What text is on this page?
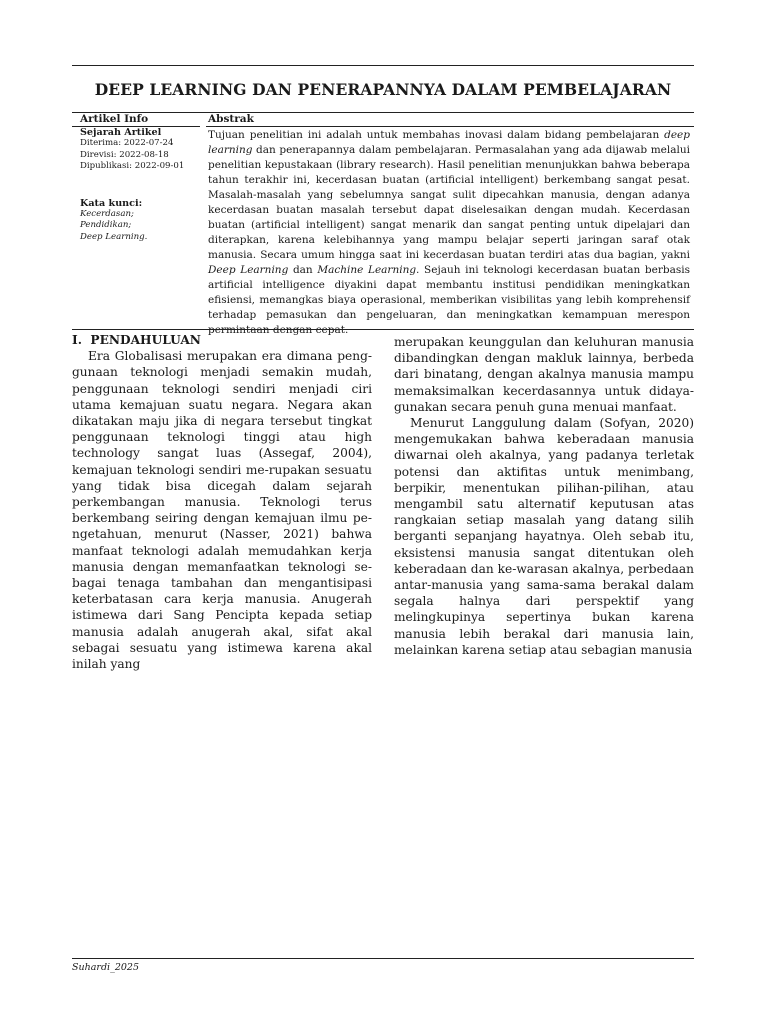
DEEP LEARNING DAN PENERAPANNYA DALAM PEMBELAJARAN
Artikel Info	Abstrak
Sejarah Artikel
Diterima: 2022-07-24
Direvisi: 2022-08-18
Dipublikasi: 2022-09-01
Kata kunci:
Kecerdasan;
Pendidikan;
Deep Learning.
Tujuan penelitian ini adalah untuk membahas inovasi dalam bidang pembelajaran deep learning dan penerapannya dalam pembelajaran. Permasalahan yang ada dijawab melalui penelitian kepustakaan (library research). Hasil penelitian menunjukkan bahwa beberapa tahun terakhir ini, kecerdasan buatan (artificial intelligent) berkembang sangat pesat. Masalah-masalah yang sebelumnya sangat sulit dipecahkan manusia, dengan adanya kecerdasan buatan masalah tersebut dapat diselesaikan dengan mudah. Kecerdasan buatan (artificial intelligent) sangat menarik dan sangat penting untuk dipelajari dan diterapkan, karena kelebihannya yang mampu belajar seperti jaringan saraf otak manusia. Secara umum hingga saat ini kecerdasan buatan terdiri atas dua bagian, yakni Deep Learning dan Machine Learning. Sejauh ini teknologi kecerdasan buatan berbasis artificial intelligence diyakini dapat membantu institusi pendidikan meningkatkan efisiensi, memangkas biaya operasional, memberikan visibilitas yang lebih komprehensif terhadap pemasukan dan pengeluaran, dan meningkatkan kemampuan merespon permintaan dengan cepat.
I.  PENDAHULUAN

Era Globalisasi merupakan era dimana peng-gunaan teknologi menjadi semakin mudah, penggunaan teknologi sendiri menjadi ciri utama kemajuan suatu negara. Negara akan dikatakan maju jika di negara tersebut tingkat penggunaan teknologi tinggi atau high technology sangat luas (Assegaf, 2004), kemajuan teknologi sendiri me-rupakan sesuatu yang tidak bisa dicegah dalam sejarah perkembangan manusia. Teknologi terus berkembang seiring dengan kemajuan ilmu pe-ngetahuan, menurut (Nasser, 2021) bahwa manfaat teknologi adalah memudahkan kerja manusia dengan memanfaatkan teknologi se-bagai tenaga tambahan dan mengantisipasi keterbatasan cara kerja manusia. Anugerah istimewa dari Sang Pencipta kepada setiap manusia adalah anugerah akal, sifat akal sebagai sesuatu yang istimewa karena akal inilah yang

merupakan keunggulan dan keluhuran manusia dibandingkan dengan makluk lainnya, berbeda dari binatang, dengan akalnya manusia mampu memaksimalkan kecerdasannya untuk didaya-gunakan secara penuh guna menuai manfaat.

Menurut Langgulung dalam (Sofyan, 2020) mengemukakan bahwa keberadaan manusia diwarnai oleh akalnya, yang padanya terletak potensi dan aktifitas untuk menimbang, berpikir, menentukan pilihan-pilihan, atau mengambil satu alternatif keputusan atas rangkaian setiap masalah yang datang silih berganti sepanjang hayatnya. Oleh sebab itu, eksistensi manusia sangat ditentukan oleh keberadaan dan ke-warasan akalnya, perbedaan antar-manusia yang sama-sama berakal dalam segala halnya dari perspektif yang melingkupinya sepertinya bukan karena manusia lebih berakal dari manusia lain, melainkan karena setiap atau sebagian manusia

Suhardi_2025
